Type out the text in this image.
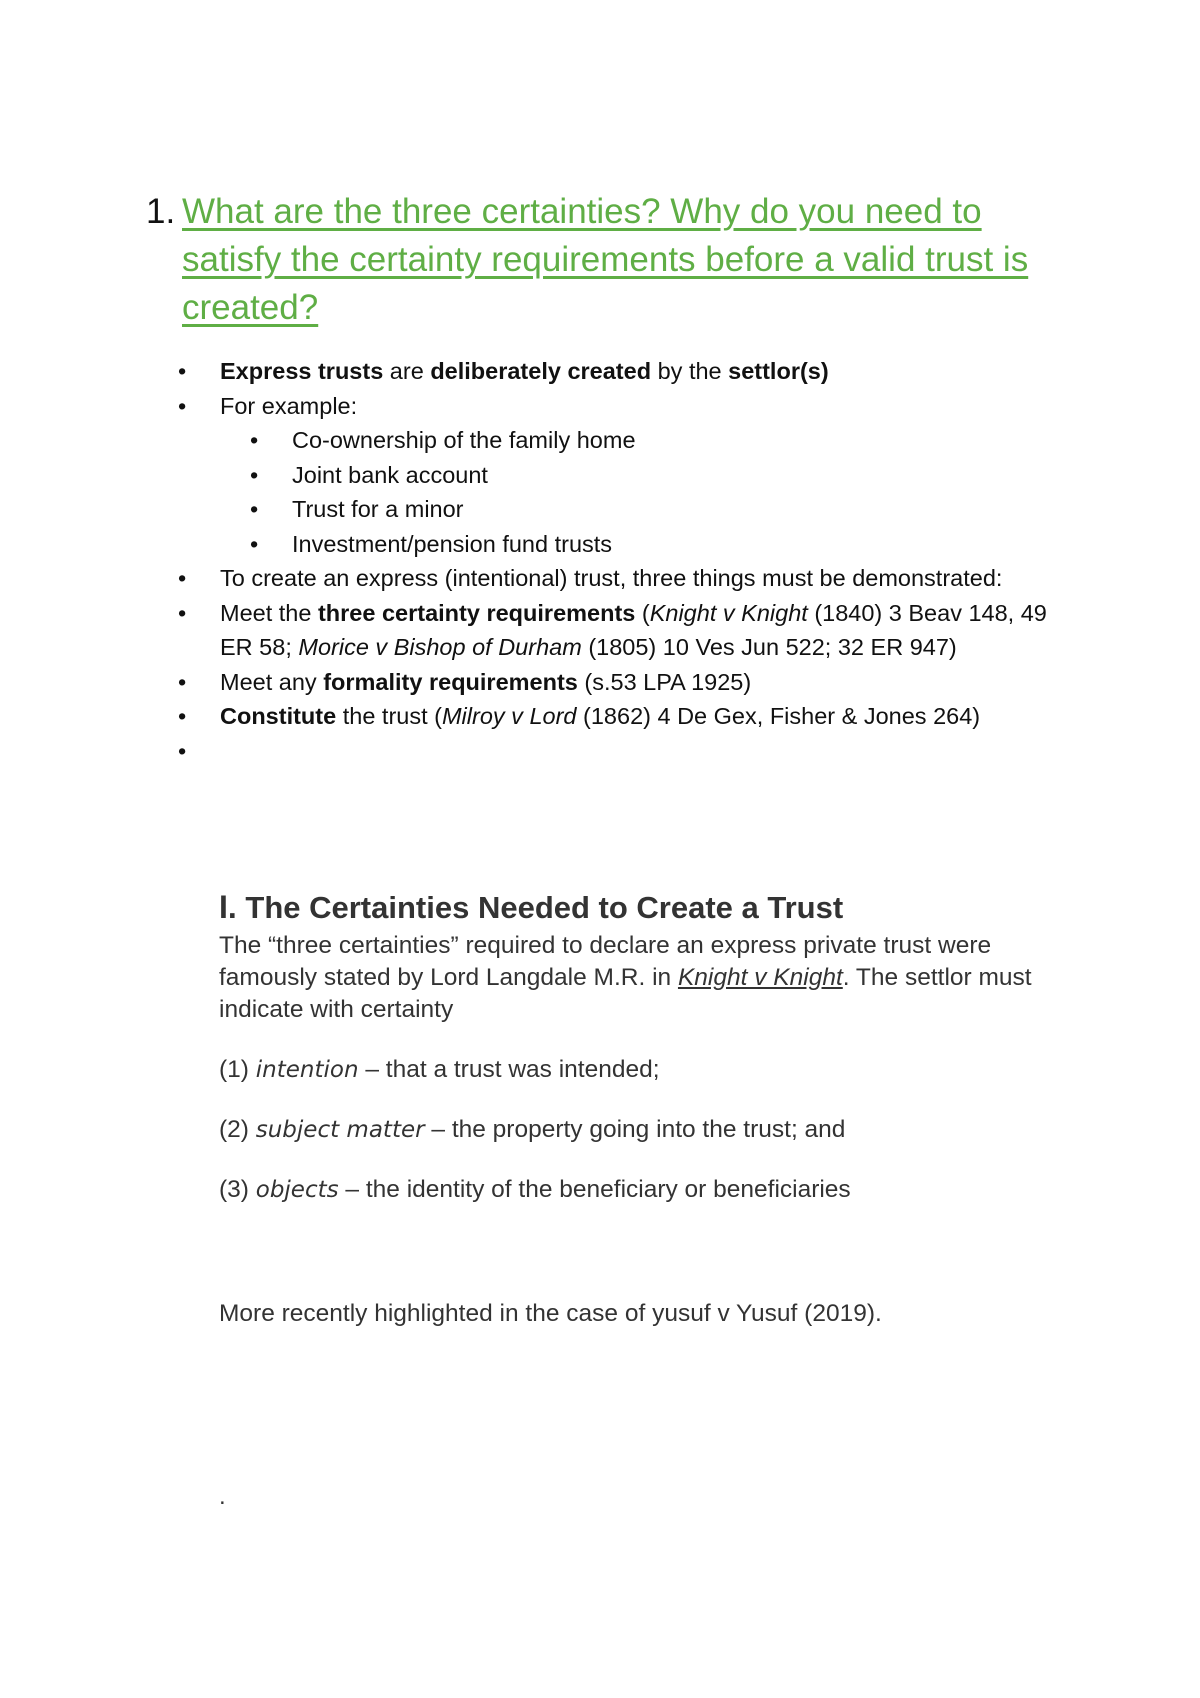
1. What are the three certainties? Why do you need to satisfy the certainty requirements before a valid trust is created?
•	Express trusts are deliberately created by the settlor(s)
•	For example:
•	Co-ownership of the family home
•	Joint bank account
•	Trust for a minor
•	Investment/pension fund trusts
•	To create an express (intentional) trust, three things must be demonstrated:
•	Meet the three certainty requirements (Knight v Knight (1840) 3 Beav 148, 49 ER 58; Morice v Bishop of Durham (1805) 10 Ves Jun 522; 32 ER 947)
•	Meet any formality requirements (s.53 LPA 1925)
•	Constitute the trust (Milroy v Lord (1862) 4 De Gex, Fisher & Jones 264)
•
I. The Certainties Needed to Create a Trust
The “three certainties” required to declare an express private trust were famously stated by Lord Langdale M.R. in Knight v Knight. The settlor must indicate with certainty
(1) intention – that a trust was intended;
(2) subject matter – the property going into the trust; and
(3) objects – the identity of the beneficiary or beneficiaries
More recently highlighted in the case of yusuf v Yusuf (2019).
.
